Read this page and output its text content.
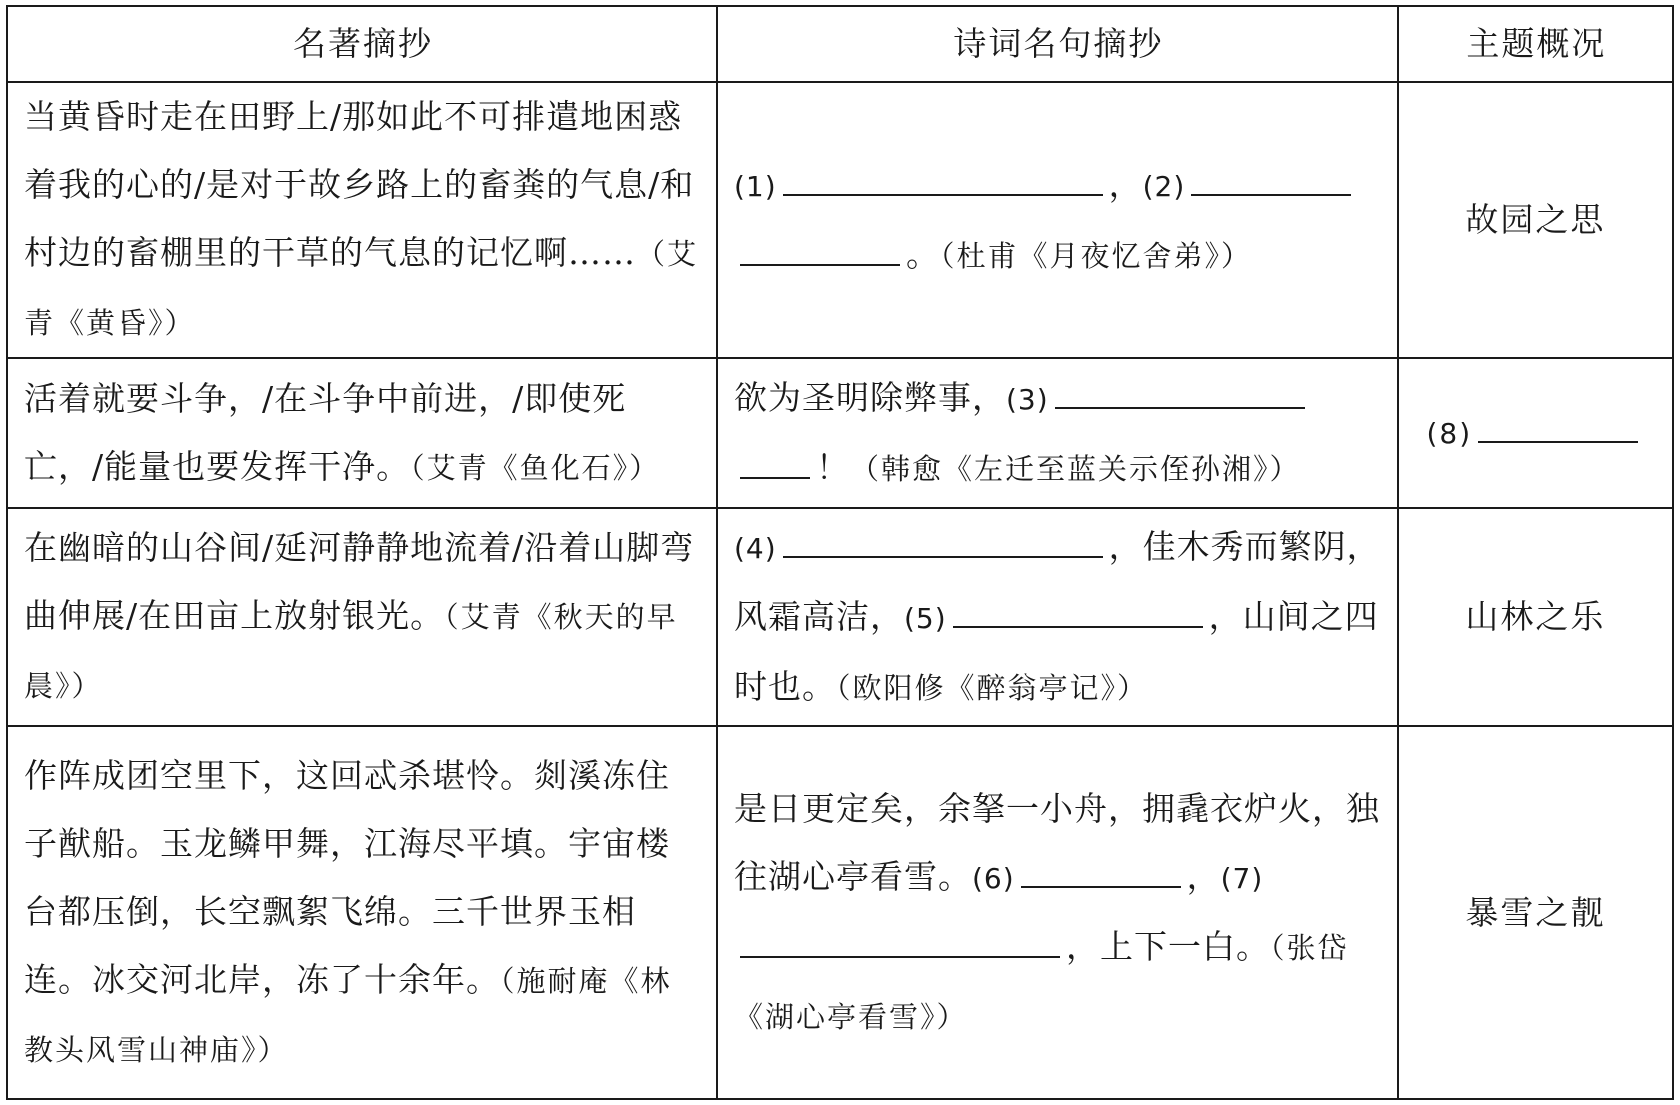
名著摘抄	诗词名句摘抄	主题概况
当黄昏时走在田野上/那如此不可排遣地困惑着我的心的/是对于故乡路上的畜粪的气息/和村边的畜棚里的干草的气息的记忆啊……（艾青《黄昏》）	(1) ，(2)。（杜甫《月夜忆舍弟》）	故园之思
活着就要斗争，/在斗争中前进，/即使死亡，/能量也要发挥干净。（艾青《鱼化石》）	欲为圣明除弊事，(3)！（韩愈《左迁至蓝关示侄孙湘》）	(8)
在幽暗的山谷间/延河静静地流着/沿着山脚弯曲伸展/在田亩上放射银光。（艾青《秋天的早晨》）	(4) ，佳木秀而繁阴，风霜高洁，(5) ，山间之四时也。（欧阳修《醉翁亭记》）	山林之乐
作阵成团空里下，这回忒杀堪怜。剡溪冻住子猷船。玉龙鳞甲舞，江海尽平填。宇宙楼台都压倒，长空飘絮飞绵。三千世界玉相连。冰交河北岸，冻了十余年。（施耐庵《林教头风雪山神庙》）	是日更定矣，余拏一小舟，拥毳衣炉火，独往湖心亭看雪。(6) ，(7)，上下一白。（张岱《湖心亭看雪》）	暴雪之靓
